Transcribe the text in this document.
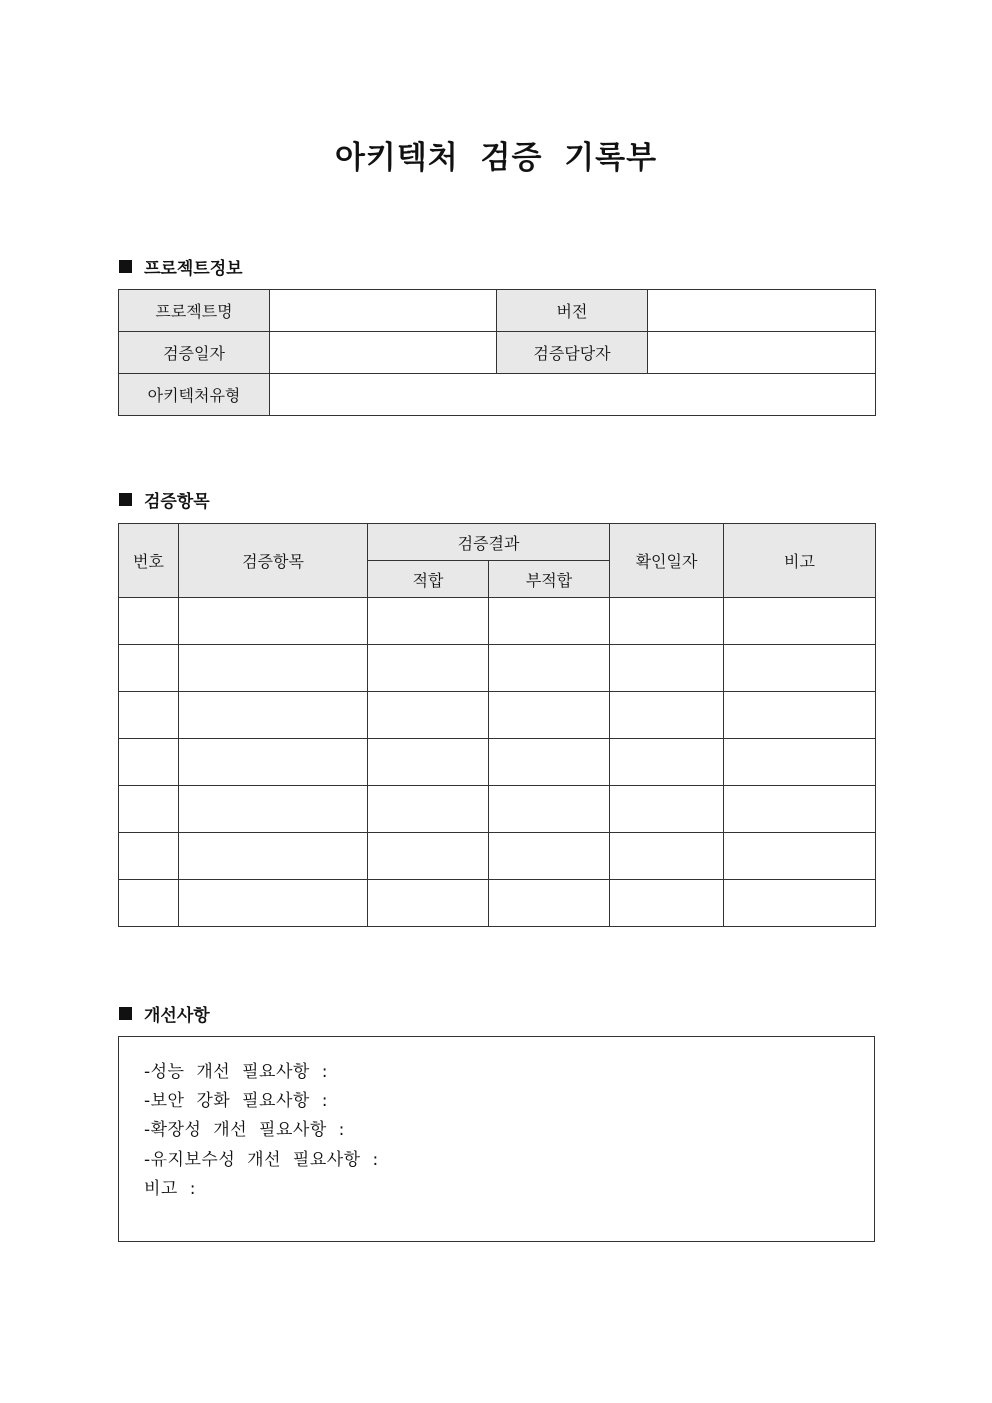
아키텍처 검증 기록부
프로젝트정보
프로젝트명		버전	
검증일자		검증담당자	
아키텍처유형			
검증항목
번호	검증항목	검증결과		확인일자	비고
		적합	부적합		

개선사항
-성능 개선 필요사항 :
-보안 강화 필요사항 :
-확장성 개선 필요사항 :
-유지보수성 개선 필요사항 :
비고 :
